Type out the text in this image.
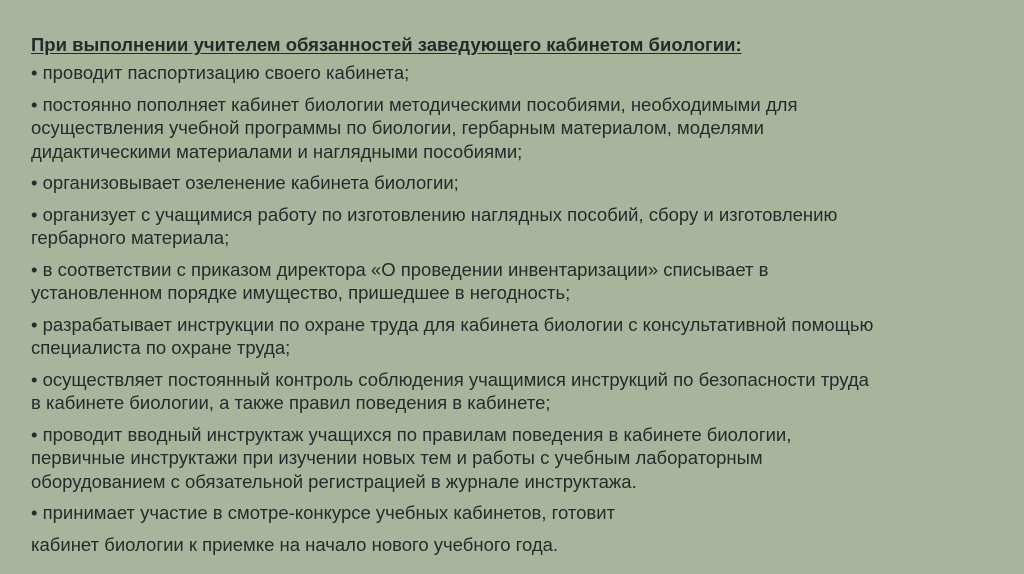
При выполнении учителем обязанностей заведующего кабинетом биологии:
• проводит паспортизацию своего кабинета;
• постоянно пополняет кабинет биологии методическими пособиями, необходимыми для
осуществления учебной программы по биологии, гербарным материалом, моделями
дидактическими материалами и наглядными пособиями;
• организовывает озеленение кабинета биологии;
• организует с учащимися работу по изготовлению наглядных пособий, сбору и изготовлению
гербарного материала;
• в соответствии с приказом директора «О проведении инвентаризации» списывает в
установленном порядке имущество, пришедшее в негодность;
• разрабатывает инструкции по охране труда для кабинета биологии с консультативной помощью
специалиста по охране труда;
• осуществляет постоянный контроль соблюдения учащимися инструкций по безопасности труда
в кабинете биологии, а также правил поведения в кабинете;
• проводит вводный инструктаж учащихся по правилам поведения в кабинете биологии,
первичные инструктажи при изучении новых тем и работы с учебным лабораторным
оборудованием с обязательной регистрацией в журнале инструктажа.
• принимает участие в смотре-конкурсе учебных кабинетов, готовит
кабинет биологии к приемке на начало нового учебного года.
